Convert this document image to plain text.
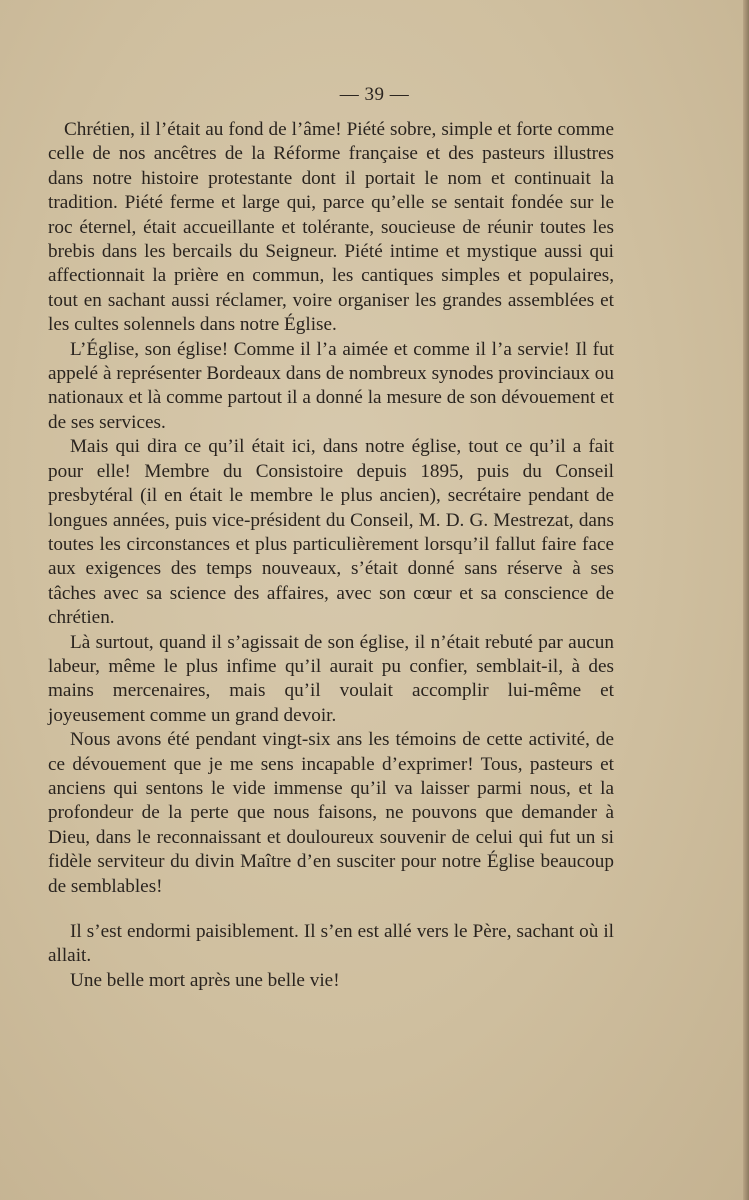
— 39 —

Chrétien, il l’était au fond de l’âme! Piété sobre, simple et forte comme celle de nos ancêtres de la Réforme française et des pasteurs illustres dans notre histoire protestante dont il portait le nom et continuait la tradition. Piété ferme et large qui, parce qu’elle se sentait fondée sur le roc éternel, était accueillante et tolérante, soucieuse de réunir toutes les brebis dans les bercails du Seigneur. Piété intime et mystique aussi qui affectionnait la prière en commun, les cantiques simples et populaires, tout en sachant aussi réclamer, voire organiser les grandes assemblées et les cultes solennels dans notre Église.

L’Église, son église! Comme il l’a aimée et comme il l’a servie! Il fut appelé à représenter Bordeaux dans de nombreux synodes provinciaux ou nationaux et là comme partout il a donné la mesure de son dévouement et de ses services.

Mais qui dira ce qu’il était ici, dans notre église, tout ce qu’il a fait pour elle! Membre du Consistoire depuis 1895, puis du Conseil presbytéral (il en était le membre le plus ancien), secrétaire pendant de longues années, puis vice-président du Conseil, M. D. G. Mestrezat, dans toutes les circonstances et plus particulièrement lorsqu’il fallut faire face aux exigences des temps nouveaux, s’était donné sans réserve à ses tâches avec sa science des affaires, avec son cœur et sa conscience de chrétien.

Là surtout, quand il s’agissait de son église, il n’était rebuté par aucun labeur, même le plus infime qu’il aurait pu confier, semblait-il, à des mains mercenaires, mais qu’il voulait accomplir lui-même et joyeusement comme un grand devoir.

Nous avons été pendant vingt-six ans les témoins de cette activité, de ce dévouement que je me sens incapable d’exprimer! Tous, pasteurs et anciens qui sentons le vide immense qu’il va laisser parmi nous, et la profondeur de la perte que nous faisons, ne pouvons que demander à Dieu, dans le reconnaissant et douloureux souvenir de celui qui fut un si fidèle serviteur du divin Maître d’en susciter pour notre Église beaucoup de semblables!

Il s’est endormi paisiblement. Il s’en est allé vers le Père, sachant où il allait.

Une belle mort après une belle vie!
